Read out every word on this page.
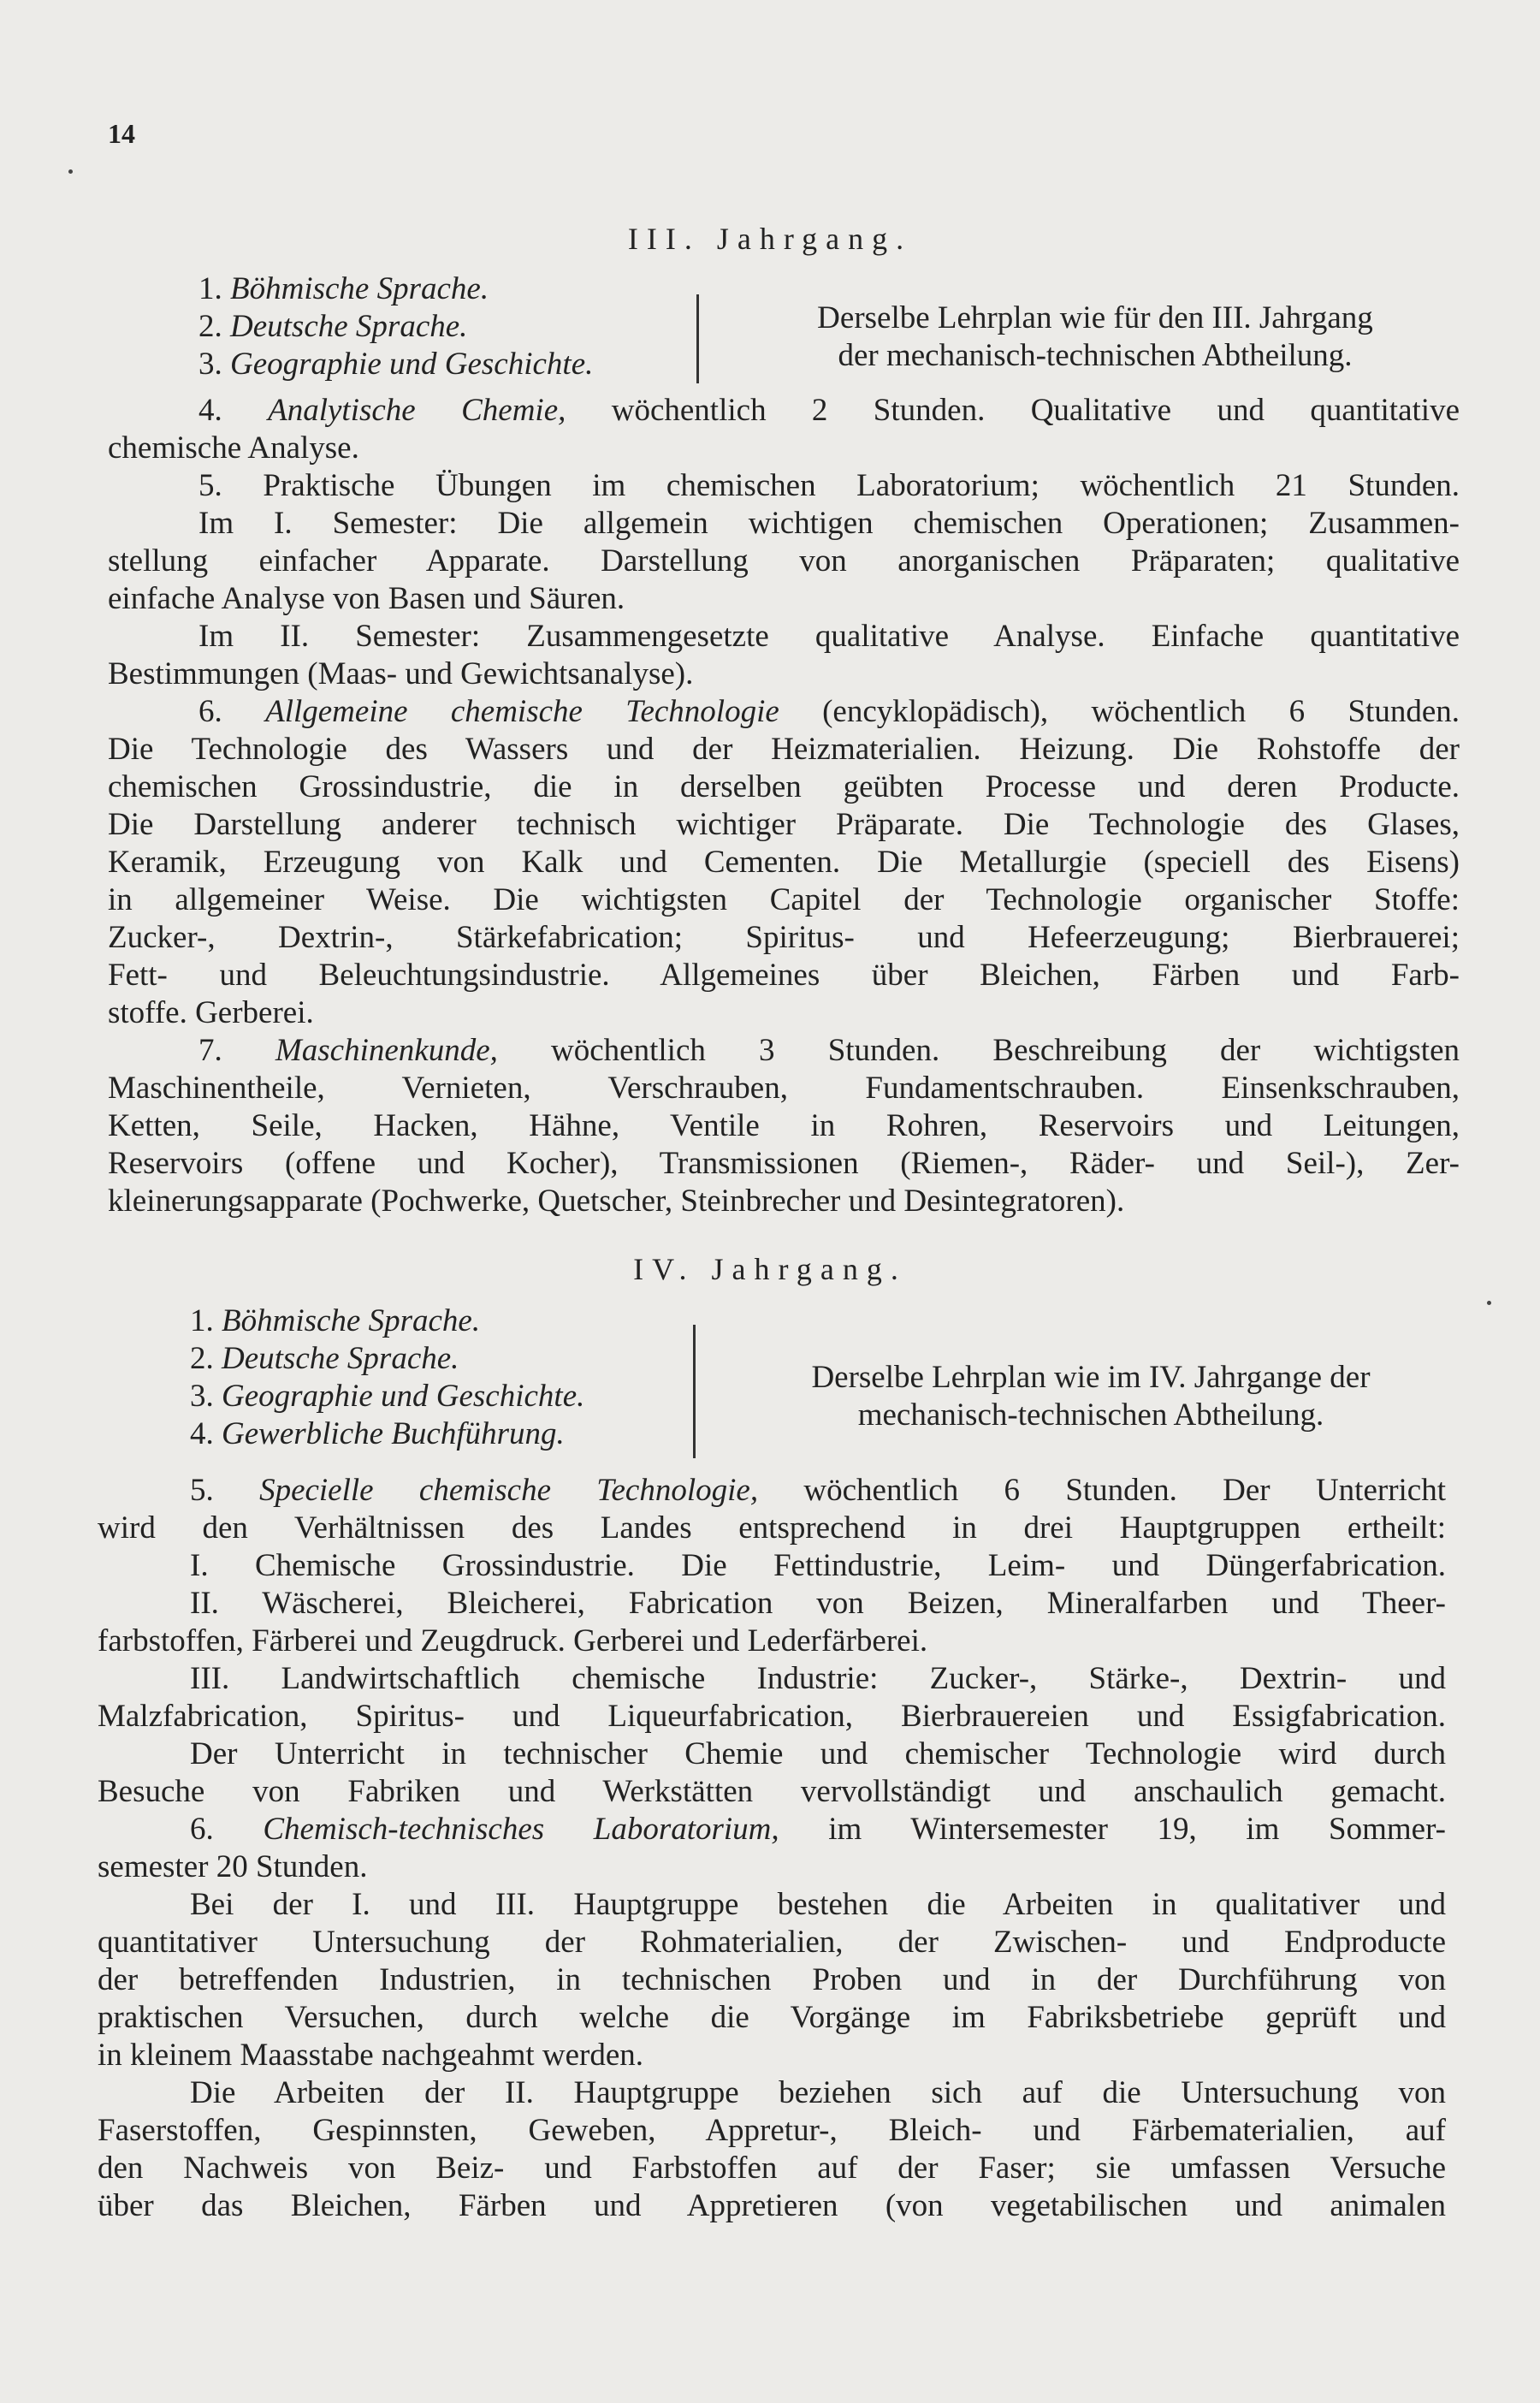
14
III. Jahrgang.
1. Böhmische Sprache.
2. Deutsche Sprache.
3. Geographie und Geschichte.
Derselbe Lehrplan wie für den III. Jahrgang
der mechanisch-technischen Abtheilung.
4. Analytische Chemie, wöchentlich 2 Stunden. Qualitative und quantitative
chemische Analyse.
5. Praktische Übungen im chemischen Laboratorium; wöchentlich 21 Stunden.
Im I. Semester: Die allgemein wichtigen chemischen Operationen; Zusammen-
stellung einfacher Apparate. Darstellung von anorganischen Präparaten; qualitative
einfache Analyse von Basen und Säuren.
Im II. Semester: Zusammengesetzte qualitative Analyse. Einfache quantitative
Bestimmungen (Maas- und Gewichtsanalyse).
6. Allgemeine chemische Technologie (encyklopädisch), wöchentlich 6 Stunden.
Die Technologie des Wassers und der Heizmaterialien. Heizung. Die Rohstoffe der
chemischen Grossindustrie, die in derselben geübten Processe und deren Producte.
Die Darstellung anderer technisch wichtiger Präparate. Die Technologie des Glases,
Keramik, Erzeugung von Kalk und Cementen. Die Metallurgie (speciell des Eisens)
in allgemeiner Weise. Die wichtigsten Capitel der Technologie organischer Stoffe:
Zucker-, Dextrin-, Stärkefabrication; Spiritus- und Hefeerzeugung; Bierbrauerei;
Fett- und Beleuchtungsindustrie. Allgemeines über Bleichen, Färben und Farb-
stoffe. Gerberei.
7. Maschinenkunde, wöchentlich 3 Stunden. Beschreibung der wichtigsten
Maschinentheile, Vernieten, Verschrauben, Fundamentschrauben. Einsenkschrauben,
Ketten, Seile, Hacken, Hähne, Ventile in Rohren, Reservoirs und Leitungen,
Reservoirs (offene und Kocher), Transmissionen (Riemen-, Räder- und Seil-), Zer-
kleinerungsapparate (Pochwerke, Quetscher, Steinbrecher und Desintegratoren).
IV. Jahrgang.
1. Böhmische Sprache.
2. Deutsche Sprache.
3. Geographie und Geschichte.
4. Gewerbliche Buchführung.
Derselbe Lehrplan wie im IV. Jahrgange der
mechanisch-technischen Abtheilung.
5. Specielle chemische Technologie, wöchentlich 6 Stunden. Der Unterricht
wird den Verhältnissen des Landes entsprechend in drei Hauptgruppen ertheilt:
I. Chemische Grossindustrie. Die Fettindustrie, Leim- und Düngerfabrication.
II. Wäscherei, Bleicherei, Fabrication von Beizen, Mineralfarben und Theer-
farbstoffen, Färberei und Zeugdruck. Gerberei und Lederfärberei.
III. Landwirtschaftlich chemische Industrie: Zucker-, Stärke-, Dextrin- und
Malzfabrication, Spiritus- und Liqueurfabrication, Bierbrauereien und Essigfabrication.
Der Unterricht in technischer Chemie und chemischer Technologie wird durch
Besuche von Fabriken und Werkstätten vervollständigt und anschaulich gemacht.
6. Chemisch-technisches Laboratorium, im Wintersemester 19, im Sommer-
semester 20 Stunden.
Bei der I. und III. Hauptgruppe bestehen die Arbeiten in qualitativer und
quantitativer Untersuchung der Rohmaterialien, der Zwischen- und Endproducte
der betreffenden Industrien, in technischen Proben und in der Durchführung von
praktischen Versuchen, durch welche die Vorgänge im Fabriksbetriebe geprüft und
in kleinem Maasstabe nachgeahmt werden.
Die Arbeiten der II. Hauptgruppe beziehen sich auf die Untersuchung von
Faserstoffen, Gespinnsten, Geweben, Appretur-, Bleich- und Färbematerialien, auf
den Nachweis von Beiz- und Farbstoffen auf der Faser; sie umfassen Versuche
über das Bleichen, Färben und Appretieren (von vegetabilischen und animalen
